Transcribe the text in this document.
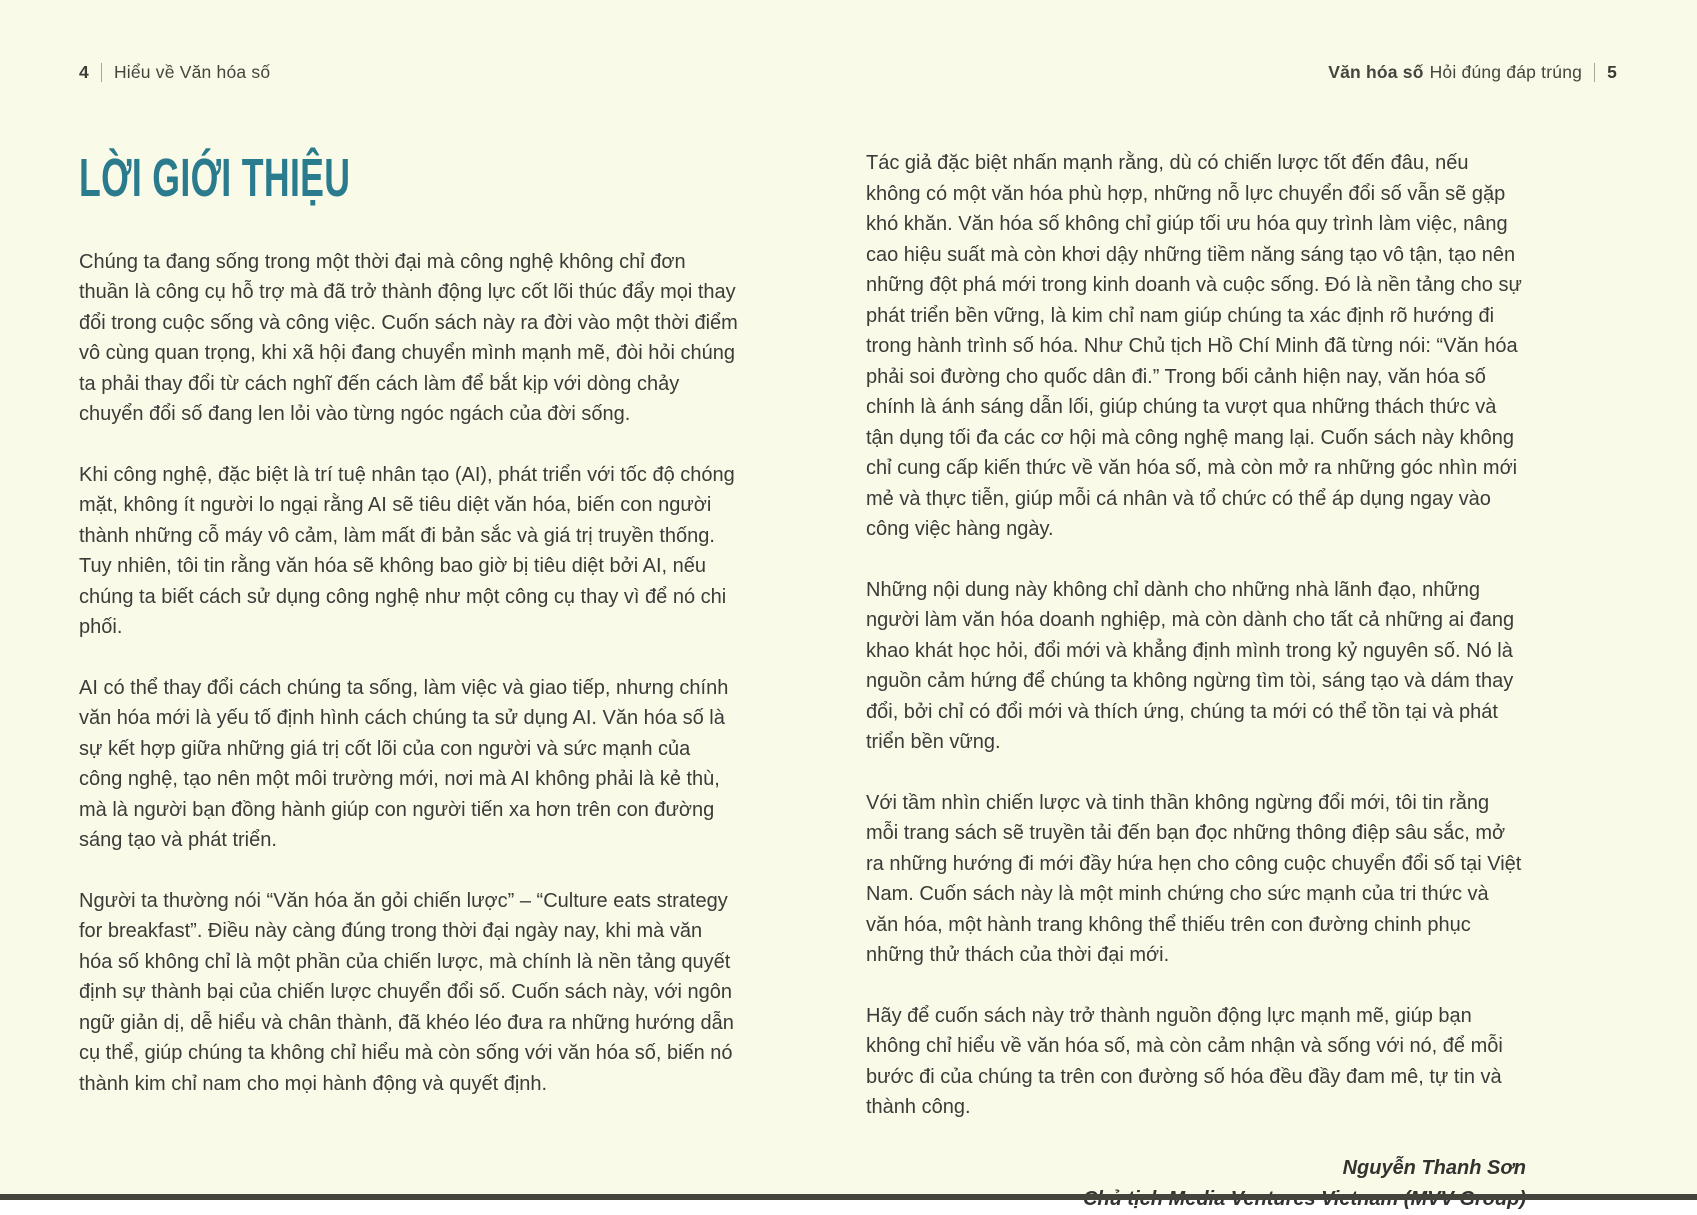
4 Hiểu về Văn hóa số	Văn hóa số Hỏi đúng đáp trúng 5
LỜI GIỚI THIỆU

Chúng ta đang sống trong một thời đại mà công nghệ không chỉ đơn thuần là công cụ hỗ trợ mà đã trở thành động lực cốt lõi thúc đẩy mọi thay đổi trong cuộc sống và công việc. Cuốn sách này ra đời vào một thời điểm vô cùng quan trọng, khi xã hội đang chuyển mình mạnh mẽ, đòi hỏi chúng ta phải thay đổi từ cách nghĩ đến cách làm để bắt kịp với dòng chảy chuyển đổi số đang len lỏi vào từng ngóc ngách của đời sống.

Khi công nghệ, đặc biệt là trí tuệ nhân tạo (AI), phát triển với tốc độ chóng mặt, không ít người lo ngại rằng AI sẽ tiêu diệt văn hóa, biến con người thành những cỗ máy vô cảm, làm mất đi bản sắc và giá trị truyền thống. Tuy nhiên, tôi tin rằng văn hóa sẽ không bao giờ bị tiêu diệt bởi AI, nếu chúng ta biết cách sử dụng công nghệ như một công cụ thay vì để nó chi phối.

AI có thể thay đổi cách chúng ta sống, làm việc và giao tiếp, nhưng chính văn hóa mới là yếu tố định hình cách chúng ta sử dụng AI. Văn hóa số là sự kết hợp giữa những giá trị cốt lõi của con người và sức mạnh của công nghệ, tạo nên một môi trường mới, nơi mà AI không phải là kẻ thù, mà là người bạn đồng hành giúp con người tiến xa hơn trên con đường sáng tạo và phát triển.

Người ta thường nói “Văn hóa ăn gỏi chiến lược” – “Culture eats strategy for breakfast”. Điều này càng đúng trong thời đại ngày nay, khi mà văn hóa số không chỉ là một phần của chiến lược, mà chính là nền tảng quyết định sự thành bại của chiến lược chuyển đổi số. Cuốn sách này, với ngôn ngữ giản dị, dễ hiểu và chân thành, đã khéo léo đưa ra những hướng dẫn cụ thể, giúp chúng ta không chỉ hiểu mà còn sống với văn hóa số, biến nó thành kim chỉ nam cho mọi hành động và quyết định.

Tác giả đặc biệt nhấn mạnh rằng, dù có chiến lược tốt đến đâu, nếu không có một văn hóa phù hợp, những nỗ lực chuyển đổi số vẫn sẽ gặp khó khăn. Văn hóa số không chỉ giúp tối ưu hóa quy trình làm việc, nâng cao hiệu suất mà còn khơi dậy những tiềm năng sáng tạo vô tận, tạo nên những đột phá mới trong kinh doanh và cuộc sống. Đó là nền tảng cho sự phát triển bền vững, là kim chỉ nam giúp chúng ta xác định rõ hướng đi trong hành trình số hóa. Như Chủ tịch Hồ Chí Minh đã từng nói: “Văn hóa phải soi đường cho quốc dân đi.” Trong bối cảnh hiện nay, văn hóa số chính là ánh sáng dẫn lối, giúp chúng ta vượt qua những thách thức và tận dụng tối đa các cơ hội mà công nghệ mang lại. Cuốn sách này không chỉ cung cấp kiến thức về văn hóa số, mà còn mở ra những góc nhìn mới mẻ và thực tiễn, giúp mỗi cá nhân và tổ chức có thể áp dụng ngay vào công việc hàng ngày.

Những nội dung này không chỉ dành cho những nhà lãnh đạo, những người làm văn hóa doanh nghiệp, mà còn dành cho tất cả những ai đang khao khát học hỏi, đổi mới và khẳng định mình trong kỷ nguyên số. Nó là nguồn cảm hứng để chúng ta không ngừng tìm tòi, sáng tạo và dám thay đổi, bởi chỉ có đổi mới và thích ứng, chúng ta mới có thể tồn tại và phát triển bền vững.

Với tầm nhìn chiến lược và tinh thần không ngừng đổi mới, tôi tin rằng mỗi trang sách sẽ truyền tải đến bạn đọc những thông điệp sâu sắc, mở ra những hướng đi mới đầy hứa hẹn cho công cuộc chuyển đổi số tại Việt Nam. Cuốn sách này là một minh chứng cho sức mạnh của tri thức và văn hóa, một hành trang không thể thiếu trên con đường chinh phục những thử thách của thời đại mới.

Hãy để cuốn sách này trở thành nguồn động lực mạnh mẽ, giúp bạn không chỉ hiểu về văn hóa số, mà còn cảm nhận và sống với nó, để mỗi bước đi của chúng ta trên con đường số hóa đều đầy đam mê, tự tin và thành công.

Nguyễn Thanh Sơn
